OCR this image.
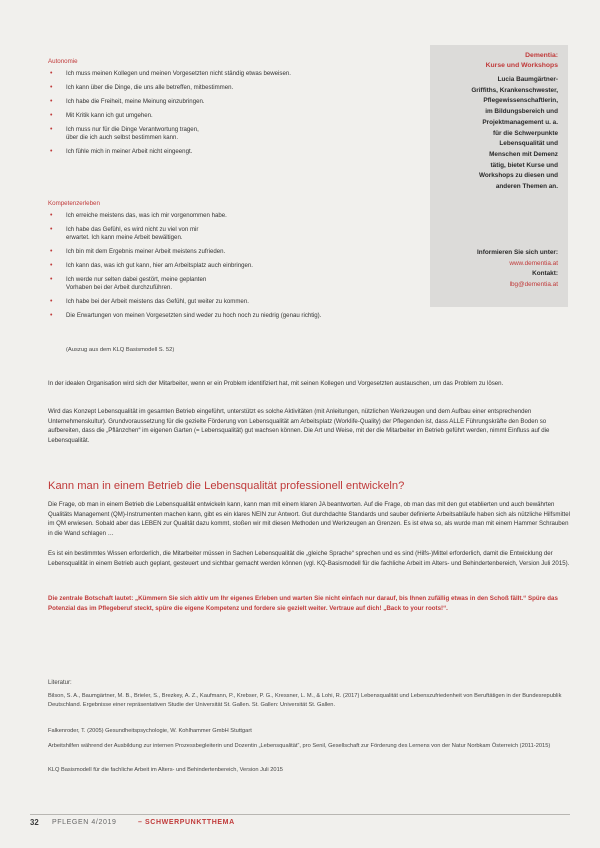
Autonomie
• Ich muss meinen Kollegen und meinen Vorgesetzten nicht ständig etwas beweisen.
• Ich kann über die Dinge, die uns alle betreffen, mitbestimmen.
• Ich habe die Freiheit, meine Meinung einzubringen.
• Mit Kritik kann ich gut umgehen.
• Ich muss nur für die Dinge Verantwortung tragen,
über die ich auch selbst bestimmen kann.
• Ich fühle mich in meiner Arbeit nicht eingeengt.
Kompetenzerleben
• Ich erreiche meistens das, was ich mir vorgenommen habe.
• Ich habe das Gefühl, es wird nicht zu viel von mir
erwartet. Ich kann meine Arbeit bewältigen.
• Ich bin mit dem Ergebnis meiner Arbeit meistens zufrieden.
• Ich kann das, was ich gut kann, hier am Arbeitsplatz auch einbringen.
• Ich werde nur selten dabei gestört, meine geplanten
Vorhaben bei der Arbeit durchzuführen.
• Ich habe bei der Arbeit meistens das Gefühl, gut weiter zu kommen.
• Die Erwartungen von meinen Vorgesetzten sind weder zu hoch noch zu niedrig (genau richtig).
(Auszug aus dem KLQ Basismodell S. 52)
Dementia:
Kurse und Workshops
Lucia Baumgärtner-
Griffiths, Krankenschwester,
Pflegewissenschaftlerin,
im Bildungsbereich und
Projektmanagement u. a.
für die Schwerpunkte
Lebensqualität und
Menschen mit Demenz
tätig, bietet Kurse und
Workshops zu diesen und
anderen Themen an.
Informieren Sie sich unter:
www.dementia.at
Kontakt:
lbg@dementia.at

In der idealen Organisation wird sich der Mitarbeiter, wenn er ein Problem identifiziert hat, mit seinen Kollegen und Vorgesetzten austauschen, um das Problem zu lösen.

Wird das Konzept Lebensqualität im gesamten Betrieb eingeführt, unterstützt es solche Aktivitäten (mit Anleitungen, nützlichen Werkzeugen und dem Aufbau einer entsprechenden Unternehmenskultur). Grundvoraussetzung für die gezielte Förderung von Lebensqualität am Arbeitsplatz (Worklife-Quality) der Pflegenden ist, dass ALLE Führungskräfte den Boden so aufbereiten, dass die „Pflänzchen“ im eigenen Garten (= Lebensqualität) gut wachsen können. Die Art und Weise, mit der die Mitarbeiter im Betrieb geführt werden, nimmt Einfluss auf die Lebensqualität.

Kann man in einem Betrieb die Lebensqualität professionell entwickeln?

Die Frage, ob man in einem Betrieb die Lebensqualität entwickeln kann, kann man mit einem klaren JA beantworten. Auf die Frage, ob man das mit den gut etablierten und auch bewährten Qualitäts Management (QM)-Instrumenten machen kann, gibt es ein klares NEIN zur Antwort. Gut durchdachte Standards und sauber definierte Arbeitsabläufe haben sich als nützliche Hilfsmittel im QM erwiesen. Sobald aber das LEBEN zur Qualität dazu kommt, stoßen wir mit diesen Methoden und Werkzeugen an Grenzen. Es ist etwa so, als wurde man mit einem Hammer Schrauben in die Wand schlagen …

Es ist ein bestimmtes Wissen erforderlich, die Mitarbeiter müssen in Sachen Lebensqualität die „gleiche Sprache“ sprechen und es sind (Hilfs-)Mittel erforderlich, damit die Entwicklung der Lebensqualität in einem Betrieb auch geplant, gesteuert und sichtbar gemacht werden können (vgl. KQ-Basismodell für die fachliche Arbeit im Alters- und Behindertenbereich, Version Juli 2015).

Die zentrale Botschaft lautet: „Kümmern Sie sich aktiv um Ihr eigenes Erleben und warten Sie nicht einfach nur darauf, bis Ihnen zufällig etwas in den Schoß fällt.“ Spüre das Potenzial das im Pflegeberuf steckt, spüre die eigene Kompetenz und fordere sie gezielt weiter. Vertraue auf dich! „Back to your roots!“.

Literatur:

Bilson, S. A., Baumgärtner, M. B., Brieler, S., Brezkey, A. Z., Kaufmann, P., Krebser, P. G., Kressner, L. M., & Lohi, R. (2017) Lebensqualität und Lebenszufriedenheit von Beruftätigen in der Bundesrepublik Deutschland. Ergebnisse einer repräsentativen Studie der Universität St. Gallen. St. Gallen: Universität St. Gallen.

Falkenroder, T. (2005) Gesundheitspsychologie, W. Kohlhammer GmbH Stuttgart

Arbeitshilfen während der Ausbildung zur internen Prozessbegleiterin und Dozentin „Lebensqualität“, pro Senil, Gesellschaft zur Förderung des Lernens von der Natur Norbkam Österreich (2011-2015)

KLQ Basismodell für die fachliche Arbeit im Alters- und Behindertenbereich, Version Juli 2015

32 PFLEGEN 4/2019	– SCHWERPUNKTTHEMA
